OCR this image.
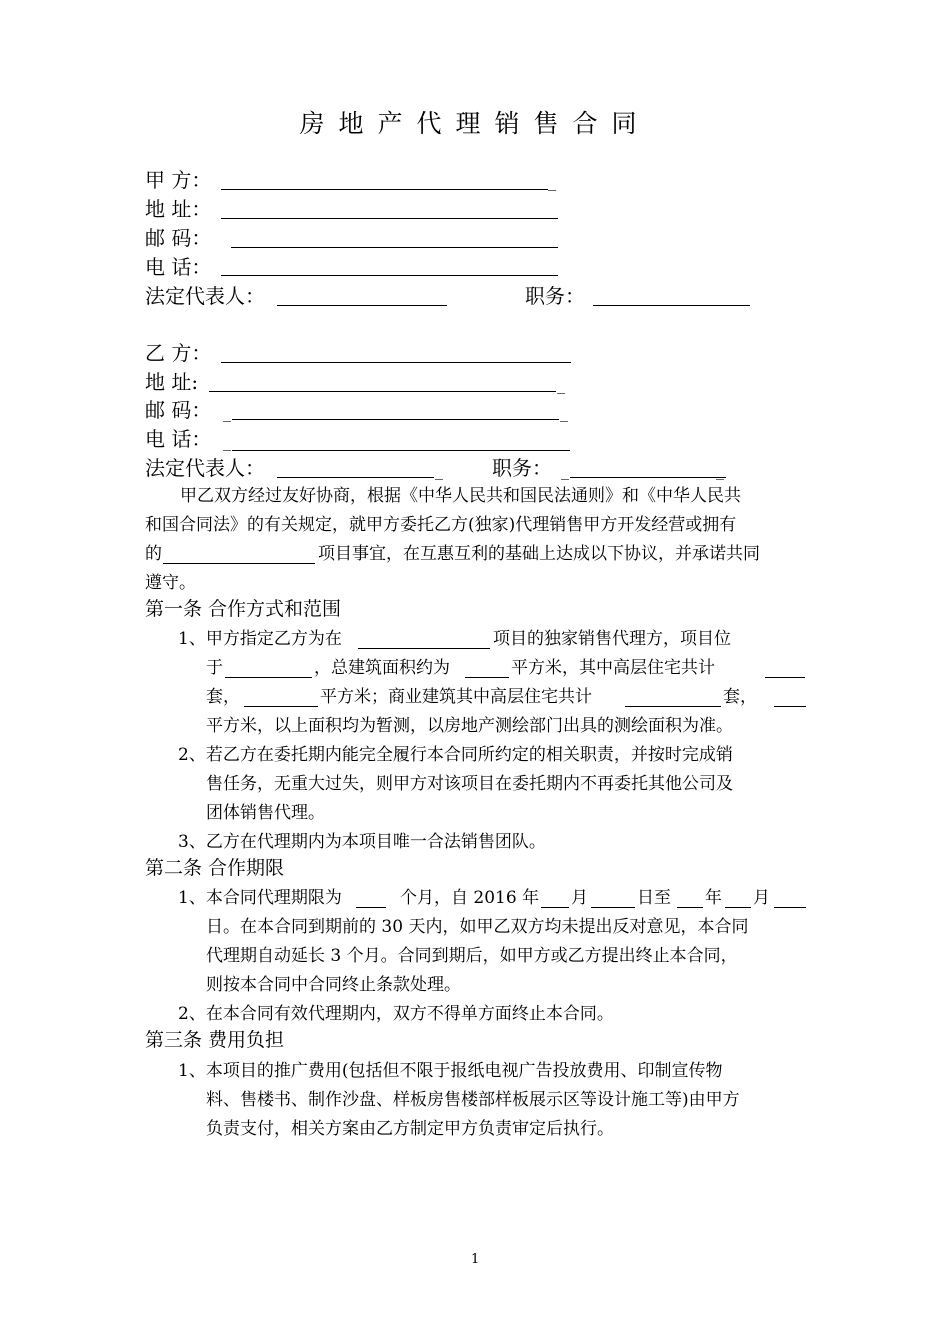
房地产代理销售合同
甲 方：	_
地 址：
邮 码：
电 话：
法定代表人：	职务：
乙 方：
地 址:	_
邮 码： _	_
电 话： _
法定代表人：	_ 职务： _	_
甲乙双方经过友好协商，根据《中华人民共和国民法通则》和《中华人民共
和国合同法》的有关规定，就甲方委托乙方(独家)代理销售甲方开发经营或拥有
的	项目事宜，在互惠互利的基础上达成以下协议，并承诺共同
遵守。
第一条 合作方式和范围
1、甲方指定乙方为在	项目的独家销售代理方，项目位
于	，总建筑面积约为	平方米，其中高层住宅共计
套，	平方米；商业建筑其中高层住宅共计	套，
平方米，以上面积均为暂测，以房地产测绘部门出具的测绘面积为准。
2、若乙方在委托期内能完全履行本合同所约定的相关职责，并按时完成销
售任务，无重大过失，则甲方对该项目在委托期内不再委托其他公司及
团体销售代理。
3、乙方在代理期内为本项目唯一合法销售团队。
第二条 合作期限
1、本合同代理期限为	个月，自 2016 年 月	日至 年 月
日。在本合同到期前的 30 天内，如甲乙双方均未提出反对意见，本合同
代理期自动延长 3 个月。合同到期后，如甲方或乙方提出终止本合同，
则按本合同中合同终止条款处理。
2、在本合同有效代理期内，双方不得单方面终止本合同。
第三条 费用负担
1、本项目的推广费用(包括但不限于报纸电视广告投放费用、印制宣传物
料、售楼书、制作沙盘、样板房售楼部样板展示区等设计施工等)由甲方
负责支付，相关方案由乙方制定甲方负责审定后执行。
1
